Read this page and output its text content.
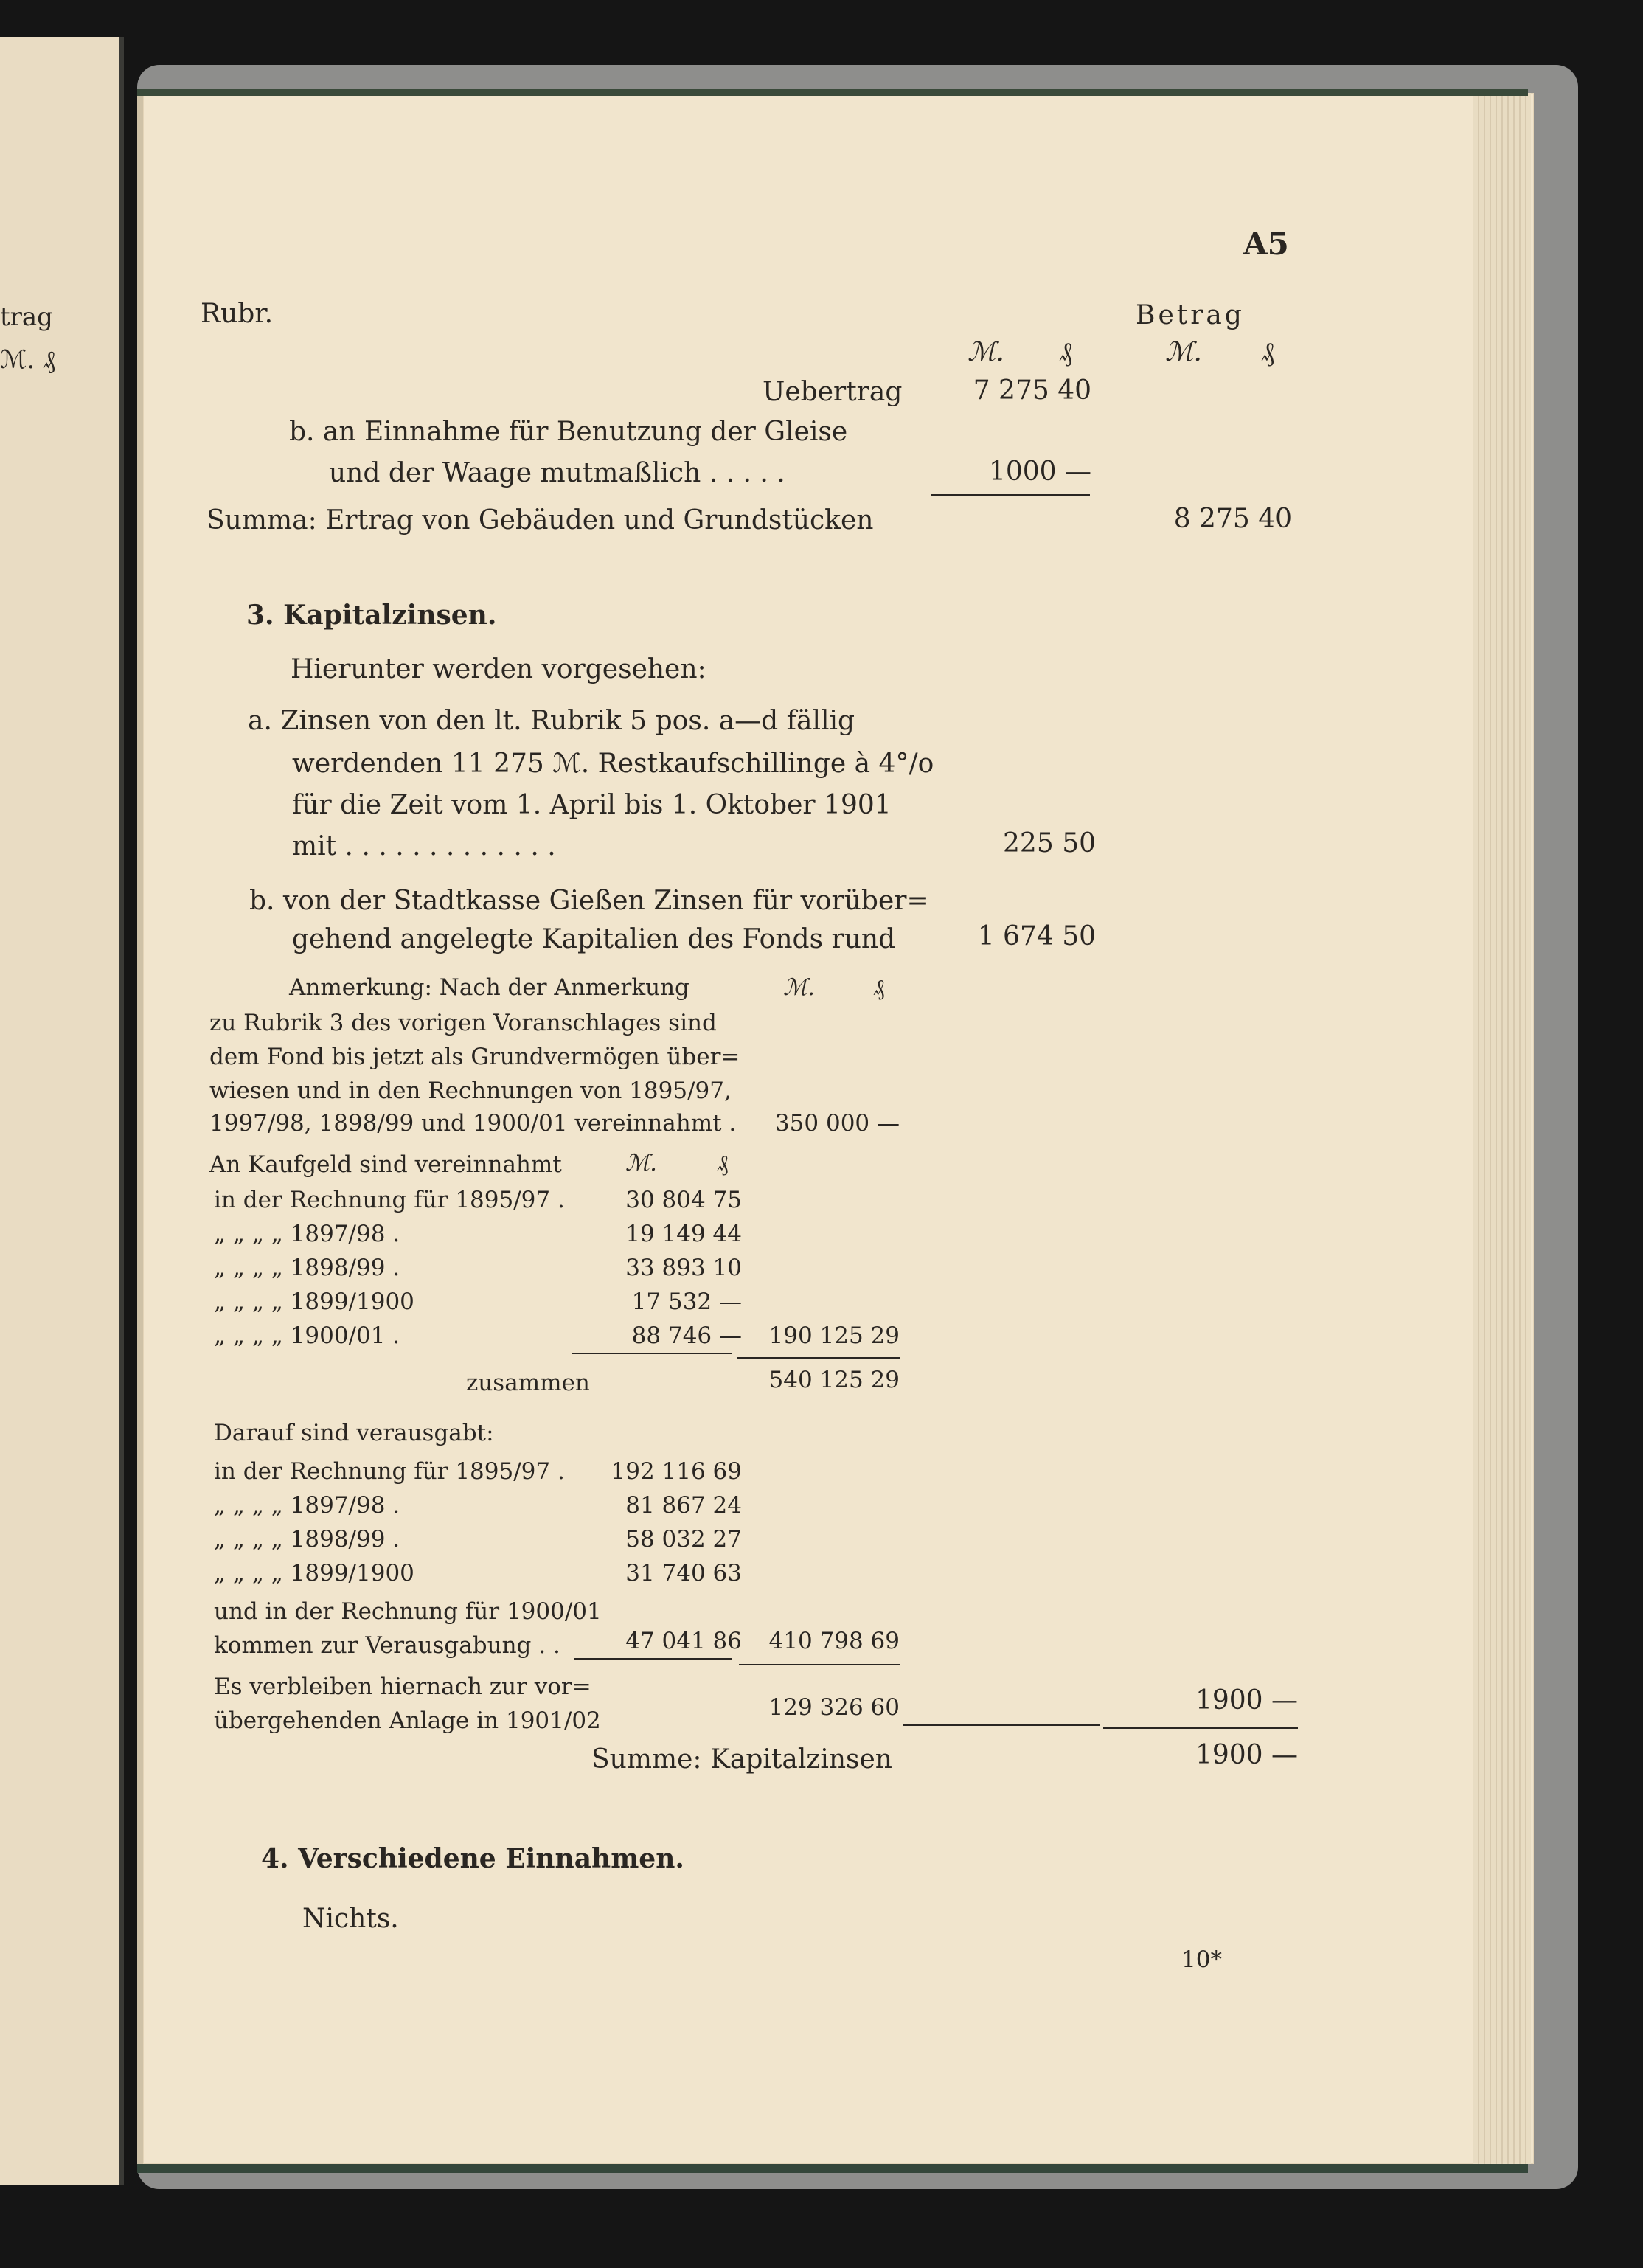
trag
ℳ. ₰
A5
Rubr.	Betrag
ℳ. ₰	ℳ. ₰
Uebertrag	7 275 40
b. an Einnahme für Benutzung der Gleise
und der Waage mutmaßlich . . . . .	1000 —
Summa: Ertrag von Gebäuden und Grundstücken	8 275 40
3. Kapitalzinsen.
Hierunter werden vorgesehen:
a. Zinsen von den lt. Rubrik 5 pos. a—d fällig
werdenden 11 275 ℳ. Restkaufschillinge à 4°/o
für die Zeit vom 1. April bis 1. Oktober 1901
mit . . . . . . . . . . . . .	225 50
b. von der Stadtkasse Gießen Zinsen für vorüber=
gehend angelegte Kapitalien des Fonds rund	1 674 50
Anmerkung: Nach der Anmerkung	ℳ.	₰
zu Rubrik 3 des vorigen Voranschlages sind
dem Fond bis jetzt als Grundvermögen über=
wiesen und in den Rechnungen von 1895/97,
1997/98, 1898/99 und 1900/01 vereinnahmt .	350 000 —
An Kaufgeld sind vereinnahmt	ℳ.	₰
in der Rechnung für 1895/97 .	30 804 75
„ „ „ „ 1897/98 .	19 149 44
„ „ „ „ 1898/99 .	33 893 10
„ „ „ „ 1899/1900	17 532 —
„ „ „ „ 1900/01 .	88 746 —	190 125 29
zusammen	540 125 29
Darauf sind verausgabt:
in der Rechnung für 1895/97 .	192 116 69
„ „ „ „ 1897/98 .	81 867 24
„ „ „ „ 1898/99 .	58 032 27
„ „ „ „ 1899/1900	31 740 63
und in der Rechnung für 1900/01
kommen zur Verausgabung . .	47 041 86	410 798 69
Es verbleiben hiernach zur vor=
übergehenden Anlage in 1901/02	129 326 60	1900 —
Summe: Kapitalzinsen	1900 —
4. Verschiedene Einnahmen.
Nichts.
10*
